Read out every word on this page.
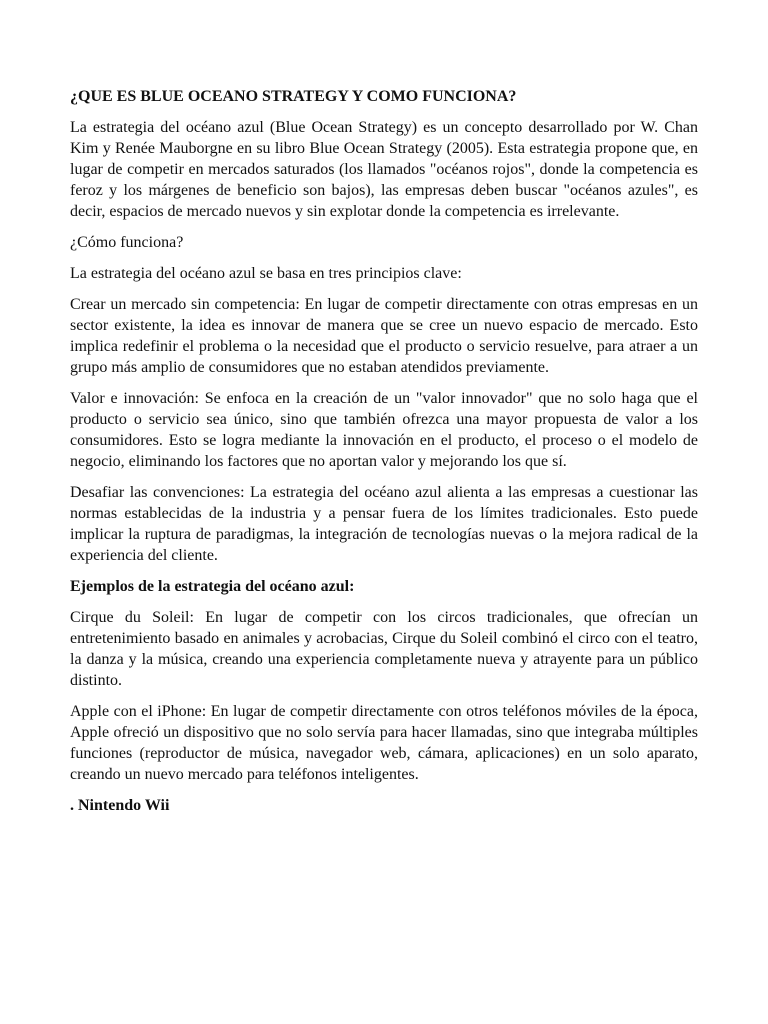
¿QUE ES BLUE OCEANO STRATEGY Y COMO FUNCIONA?

La estrategia del océano azul (Blue Ocean Strategy) es un concepto desarrollado por W. Chan Kim y Renée Mauborgne en su libro Blue Ocean Strategy (2005). Esta estrategia propone que, en lugar de competir en mercados saturados (los llamados "océanos rojos", donde la competencia es feroz y los márgenes de beneficio son bajos), las empresas deben buscar "océanos azules", es decir, espacios de mercado nuevos y sin explotar donde la competencia es irrelevante.

¿Cómo funciona?

La estrategia del océano azul se basa en tres principios clave:

Crear un mercado sin competencia: En lugar de competir directamente con otras empresas en un sector existente, la idea es innovar de manera que se cree un nuevo espacio de mercado. Esto implica redefinir el problema o la necesidad que el producto o servicio resuelve, para atraer a un grupo más amplio de consumidores que no estaban atendidos previamente.

Valor e innovación: Se enfoca en la creación de un "valor innovador" que no solo haga que el producto o servicio sea único, sino que también ofrezca una mayor propuesta de valor a los consumidores. Esto se logra mediante la innovación en el producto, el proceso o el modelo de negocio, eliminando los factores que no aportan valor y mejorando los que sí.

Desafiar las convenciones: La estrategia del océano azul alienta a las empresas a cuestionar las normas establecidas de la industria y a pensar fuera de los límites tradicionales. Esto puede implicar la ruptura de paradigmas, la integración de tecnologías nuevas o la mejora radical de la experiencia del cliente.

Ejemplos de la estrategia del océano azul:

Cirque du Soleil: En lugar de competir con los circos tradicionales, que ofrecían un entretenimiento basado en animales y acrobacias, Cirque du Soleil combinó el circo con el teatro, la danza y la música, creando una experiencia completamente nueva y atrayente para un público distinto.

Apple con el iPhone: En lugar de competir directamente con otros teléfonos móviles de la época, Apple ofreció un dispositivo que no solo servía para hacer llamadas, sino que integraba múltiples funciones (reproductor de música, navegador web, cámara, aplicaciones) en un solo aparato, creando un nuevo mercado para teléfonos inteligentes.

. Nintendo Wii
